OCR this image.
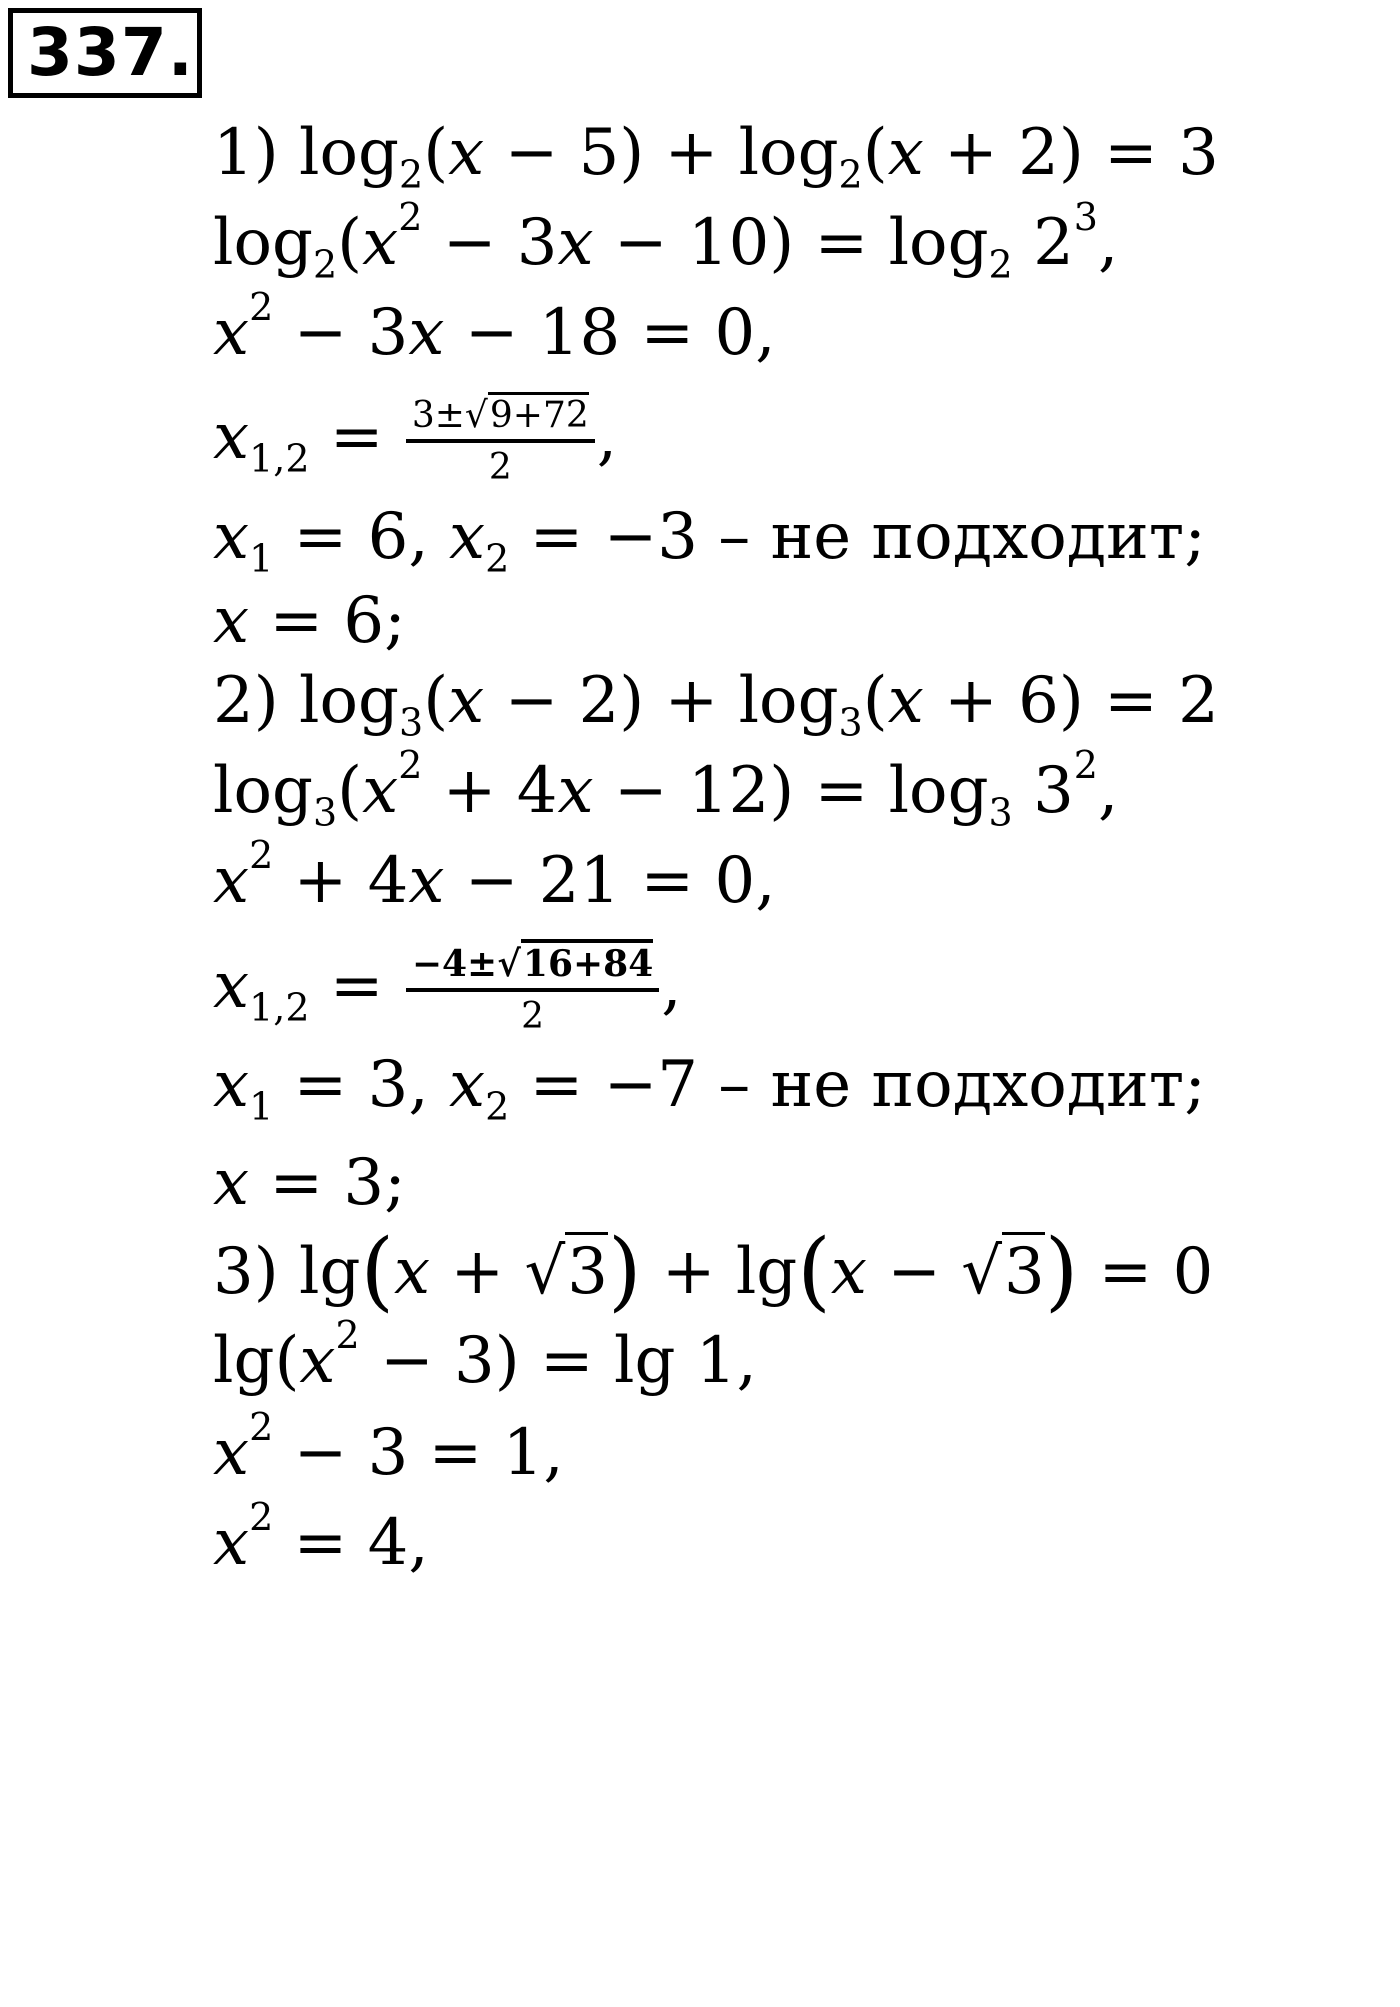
337.
1) $\log_2(x - 5) + \log_2(x + 2) = 3$
$\log_2(x^2 - 3x - 10) = \log_2 2^3$,
$x^2 - 3x - 18 = 0$,
$x_{1,2} = \frac{3\pm√9+72}{2}$ ,
$x_1 = 6$, $x_2 = -3$ – не подходит;
x = 6;
2) $\log_3(x - 2) + \log_3(x + 6) = 2$
$\log_3(x^2 + 4x - 12) = \log_3 3^2$,
$x^2 + 4x - 21 = 0$,
$x_{1,2} = \frac{-4\pm√16+84}{2}$ ,
$x_1 = 3$, $x_2 = -7$ – не подходит;
x = 3;
3) lg(x + √3) + lg(x − √3) = 0
$\lg(x^2 - 3) = \lg 1$,
$x^2 - 3 = 1$,
$x^2 = 4$,
